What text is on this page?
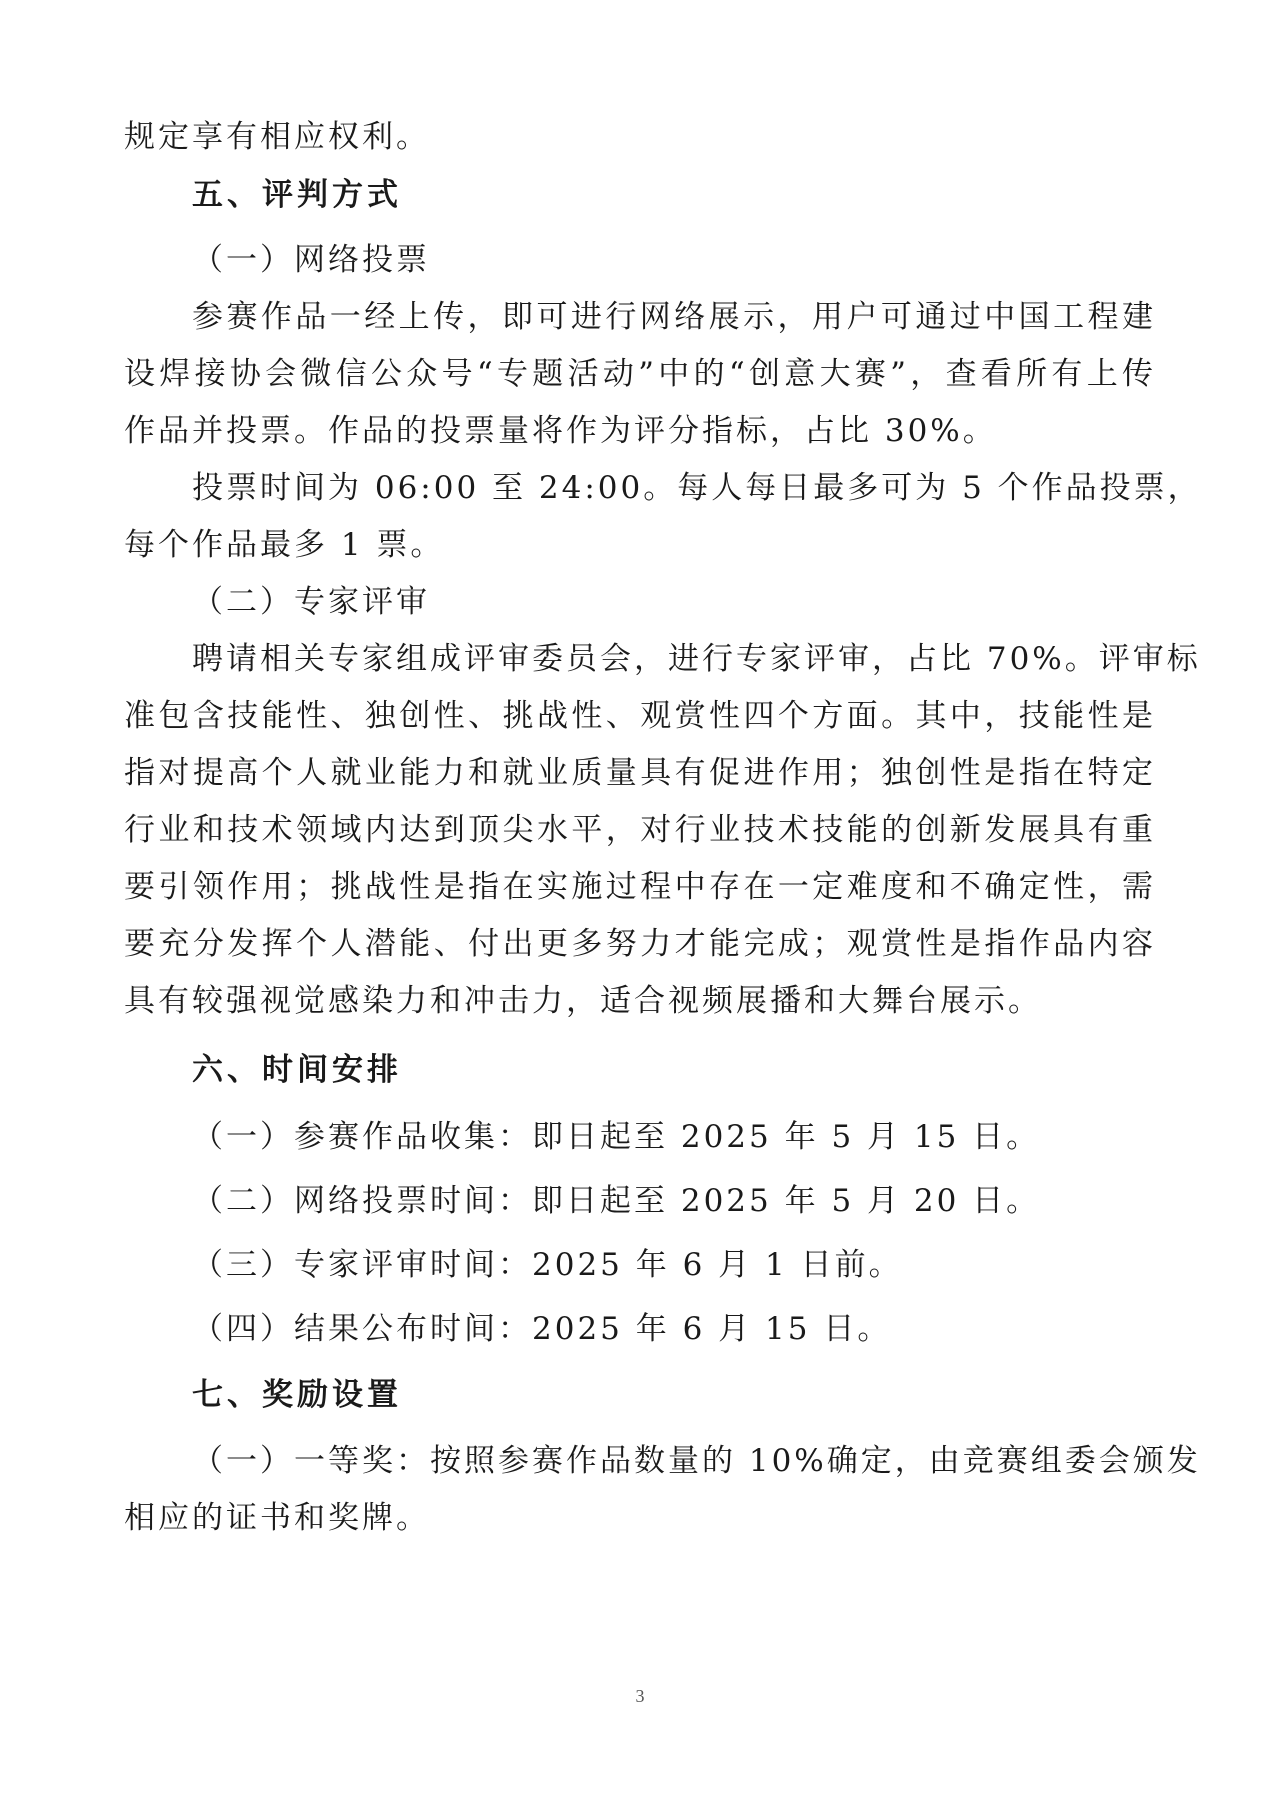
规定享有相应权利。

五、评判方式

（一）网络投票

参赛作品一经上传，即可进行网络展示，用户可通过中国工程建

设焊接协会微信公众号“专题活动”中的“创意大赛”，查看所有上传

作品并投票。作品的投票量将作为评分指标，占比 30%。

投票时间为 06:00 至 24:00。每人每日最多可为 5 个作品投票，

每个作品最多 1 票。

（二）专家评审

聘请相关专家组成评审委员会，进行专家评审，占比 70%。评审标

准包含技能性、独创性、挑战性、观赏性四个方面。其中，技能性是

指对提高个人就业能力和就业质量具有促进作用；独创性是指在特定

行业和技术领域内达到顶尖水平，对行业技术技能的创新发展具有重

要引领作用；挑战性是指在实施过程中存在一定难度和不确定性，需

要充分发挥个人潜能、付出更多努力才能完成；观赏性是指作品内容

具有较强视觉感染力和冲击力，适合视频展播和大舞台展示。

六、时间安排

（一）参赛作品收集：即日起至 2025 年 5 月 15 日。

（二）网络投票时间：即日起至 2025 年 5 月 20 日。

（三）专家评审时间：2025 年 6 月 1 日前。

（四）结果公布时间：2025 年 6 月 15 日。

七、奖励设置

（一）一等奖：按照参赛作品数量的 10%确定，由竞赛组委会颁发

相应的证书和奖牌。

3
